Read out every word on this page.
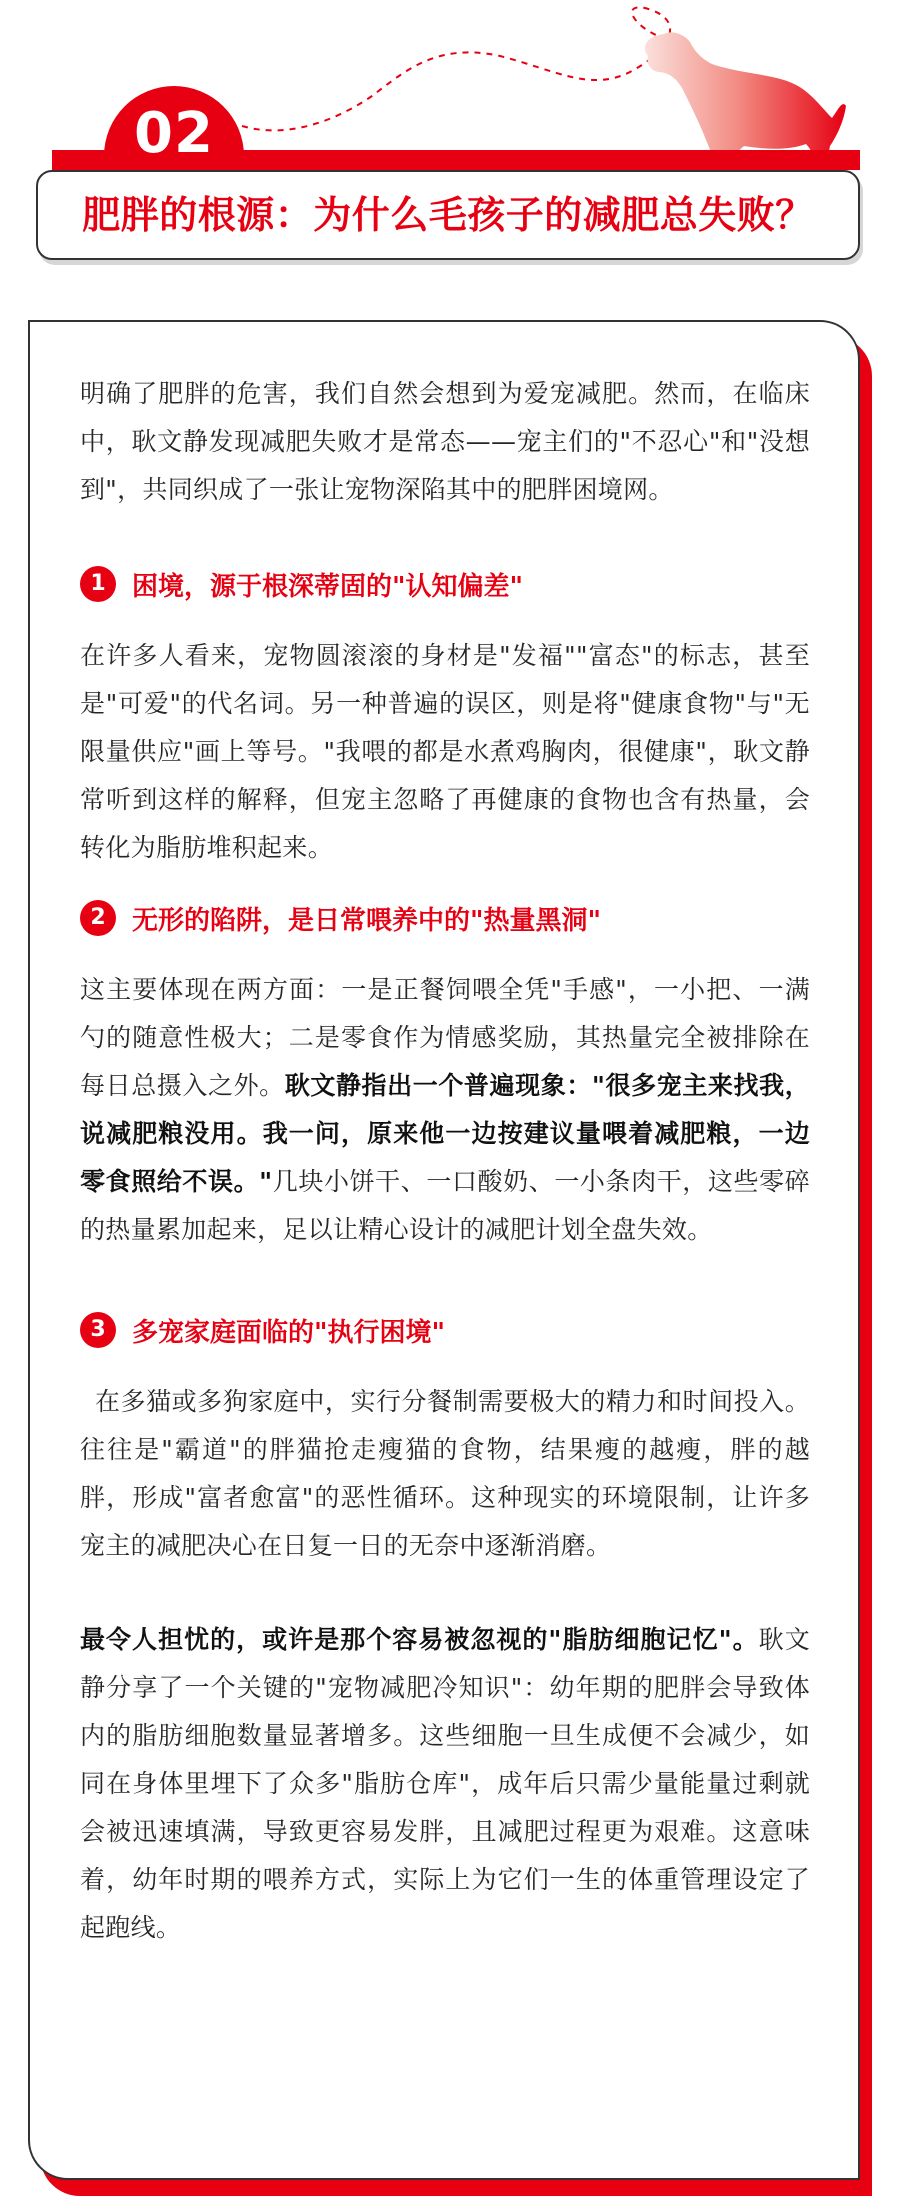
02
肥胖的根源：为什么毛孩子的减肥总失败？

明确了肥胖的危害，我们自然会想到为爱宠减肥。然而，在临床中，耿文静发现减肥失败才是常态——宠主们的"不忍心"和"没想到"，共同织成了一张让宠物深陷其中的肥胖困境网。

1	困境，源于根深蒂固的"认知偏差"

在许多人看来，宠物圆滚滚的身材是"发福""富态"的标志，甚至是"可爱"的代名词。另一种普遍的误区，则是将"健康食物"与"无限量供应"画上等号。"我喂的都是水煮鸡胸肉，很健康"，耿文静常听到这样的解释，但宠主忽略了再健康的食物也含有热量，会转化为脂肪堆积起来。

2	无形的陷阱，是日常喂养中的"热量黑洞"

这主要体现在两方面：一是正餐饲喂全凭"手感"，一小把、一满勺的随意性极大；二是零食作为情感奖励，其热量完全被排除在每日总摄入之外。耿文静指出一个普遍现象："很多宠主来找我，说减肥粮没用。我一问，原来他一边按建议量喂着减肥粮，一边零食照给不误。"几块小饼干、一口酸奶、一小条肉干，这些零碎的热量累加起来，足以让精心设计的减肥计划全盘失效。

3	多宠家庭面临的"执行困境"

在多猫或多狗家庭中，实行分餐制需要极大的精力和时间投入。往往是"霸道"的胖猫抢走瘦猫的食物，结果瘦的越瘦，胖的越胖，形成"富者愈富"的恶性循环。这种现实的环境限制，让许多宠主的减肥决心在日复一日的无奈中逐渐消磨。

最令人担忧的，或许是那个容易被忽视的"脂肪细胞记忆"。耿文静分享了一个关键的"宠物减肥冷知识"：幼年期的肥胖会导致体内的脂肪细胞数量显著增多。这些细胞一旦生成便不会减少，如同在身体里埋下了众多"脂肪仓库"，成年后只需少量能量过剩就会被迅速填满，导致更容易发胖，且减肥过程更为艰难。这意味着，幼年时期的喂养方式，实际上为它们一生的体重管理设定了起跑线。
